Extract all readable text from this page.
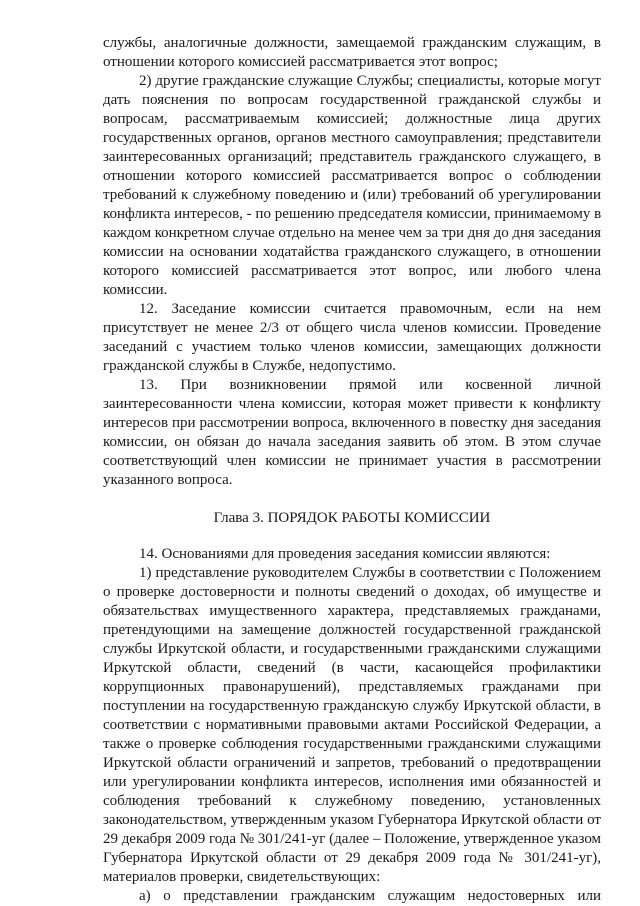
службы, аналогичные должности, замещаемой гражданским служащим, в
отношении которого комиссией рассматривается этот вопрос;
2) другие гражданские служащие Службы; специалисты, которые могут
дать пояснения по вопросам государственной гражданской службы и
вопросам, рассматриваемым комиссией; должностные лица других
государственных органов, органов местного самоуправления; представители
заинтересованных организаций; представитель гражданского служащего, в
отношении которого комиссией рассматривается вопрос о соблюдении
требований к служебному поведению и (или) требований об урегулировании
конфликта интересов, - по решению председателя комиссии, принимаемому в
каждом конкретном случае отдельно на менее чем за три дня до дня заседания
комиссии на основании ходатайства гражданского служащего, в отношении
которого комиссией рассматривается этот вопрос, или любого члена
комиссии.
12. Заседание комиссии считается правомочным, если на нем
присутствует не менее 2/3 от общего числа членов комиссии. Проведение
заседаний с участием только членов комиссии, замещающих должности
гражданской службы в Службе, недопустимо.
13. При возникновении прямой или косвенной личной
заинтересованности члена комиссии, которая может привести к конфликту
интересов при рассмотрении вопроса, включенного в повестку дня заседания
комиссии, он обязан до начала заседания заявить об этом. В этом случае
соответствующий член комиссии не принимает участия в рассмотрении
указанного вопроса.
Глава 3. ПОРЯДОК РАБОТЫ КОМИССИИ
14. Основаниями для проведения заседания комиссии являются:
1) представление руководителем Службы в соответствии с Положением
о проверке достоверности и полноты сведений о доходах, об имуществе и
обязательствах имущественного характера, представляемых гражданами,
претендующими на замещение должностей государственной гражданской
службы Иркутской области, и государственными гражданскими служащими
Иркутской области, сведений (в части, касающейся профилактики
коррупционных правонарушений), представляемых гражданами при
поступлении на государственную гражданскую службу Иркутской области, в
соответствии с нормативными правовыми актами Российской Федерации, а
также о проверке соблюдения государственными гражданскими служащими
Иркутской области ограничений и запретов, требований о предотвращении
или урегулировании конфликта интересов, исполнения ими обязанностей и
соблюдения требований к служебному поведению, установленных
законодательством, утвержденным указом Губернатора Иркутской области от
29 декабря 2009 года № 301/241-уг (далее – Положение, утвержденное указом
Губернатора Иркутской области от 29 декабря 2009 года № 301/241-уг),
материалов проверки, свидетельствующих:
а) о представлении гражданским служащим недостоверных или
